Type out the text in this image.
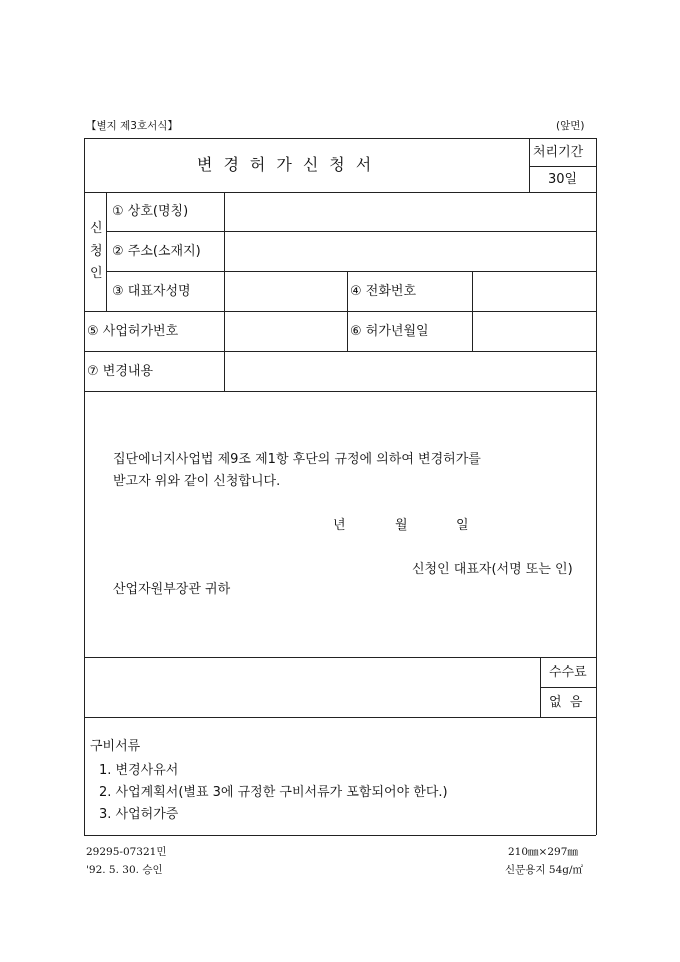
【별지 제3호서식】	(앞면)
변경허가신청서
처리기간
30일
신
청
인
① 상호(명칭)
② 주소(소재지)
③ 대표자성명	④ 전화번호
⑤ 사업허가번호	⑥ 허가년월일
⑦ 변경내용
집단에너지사업법 제9조 제1항 후단의 규정에 의하여 변경허가를
받고자 위와 같이 신청합니다.
년	월	일
신청인 대표자(서명 또는 인)
산업자원부장관 귀하
수수료
없  음
구비서류
1. 변경사유서
2. 사업계획서(별표 3에 규정한 구비서류가 포함되어야 한다.)
3. 사업허가증
29295-07321민
'92. 5. 30. 승인
210㎜×297㎜
신문용지 54g/㎡
